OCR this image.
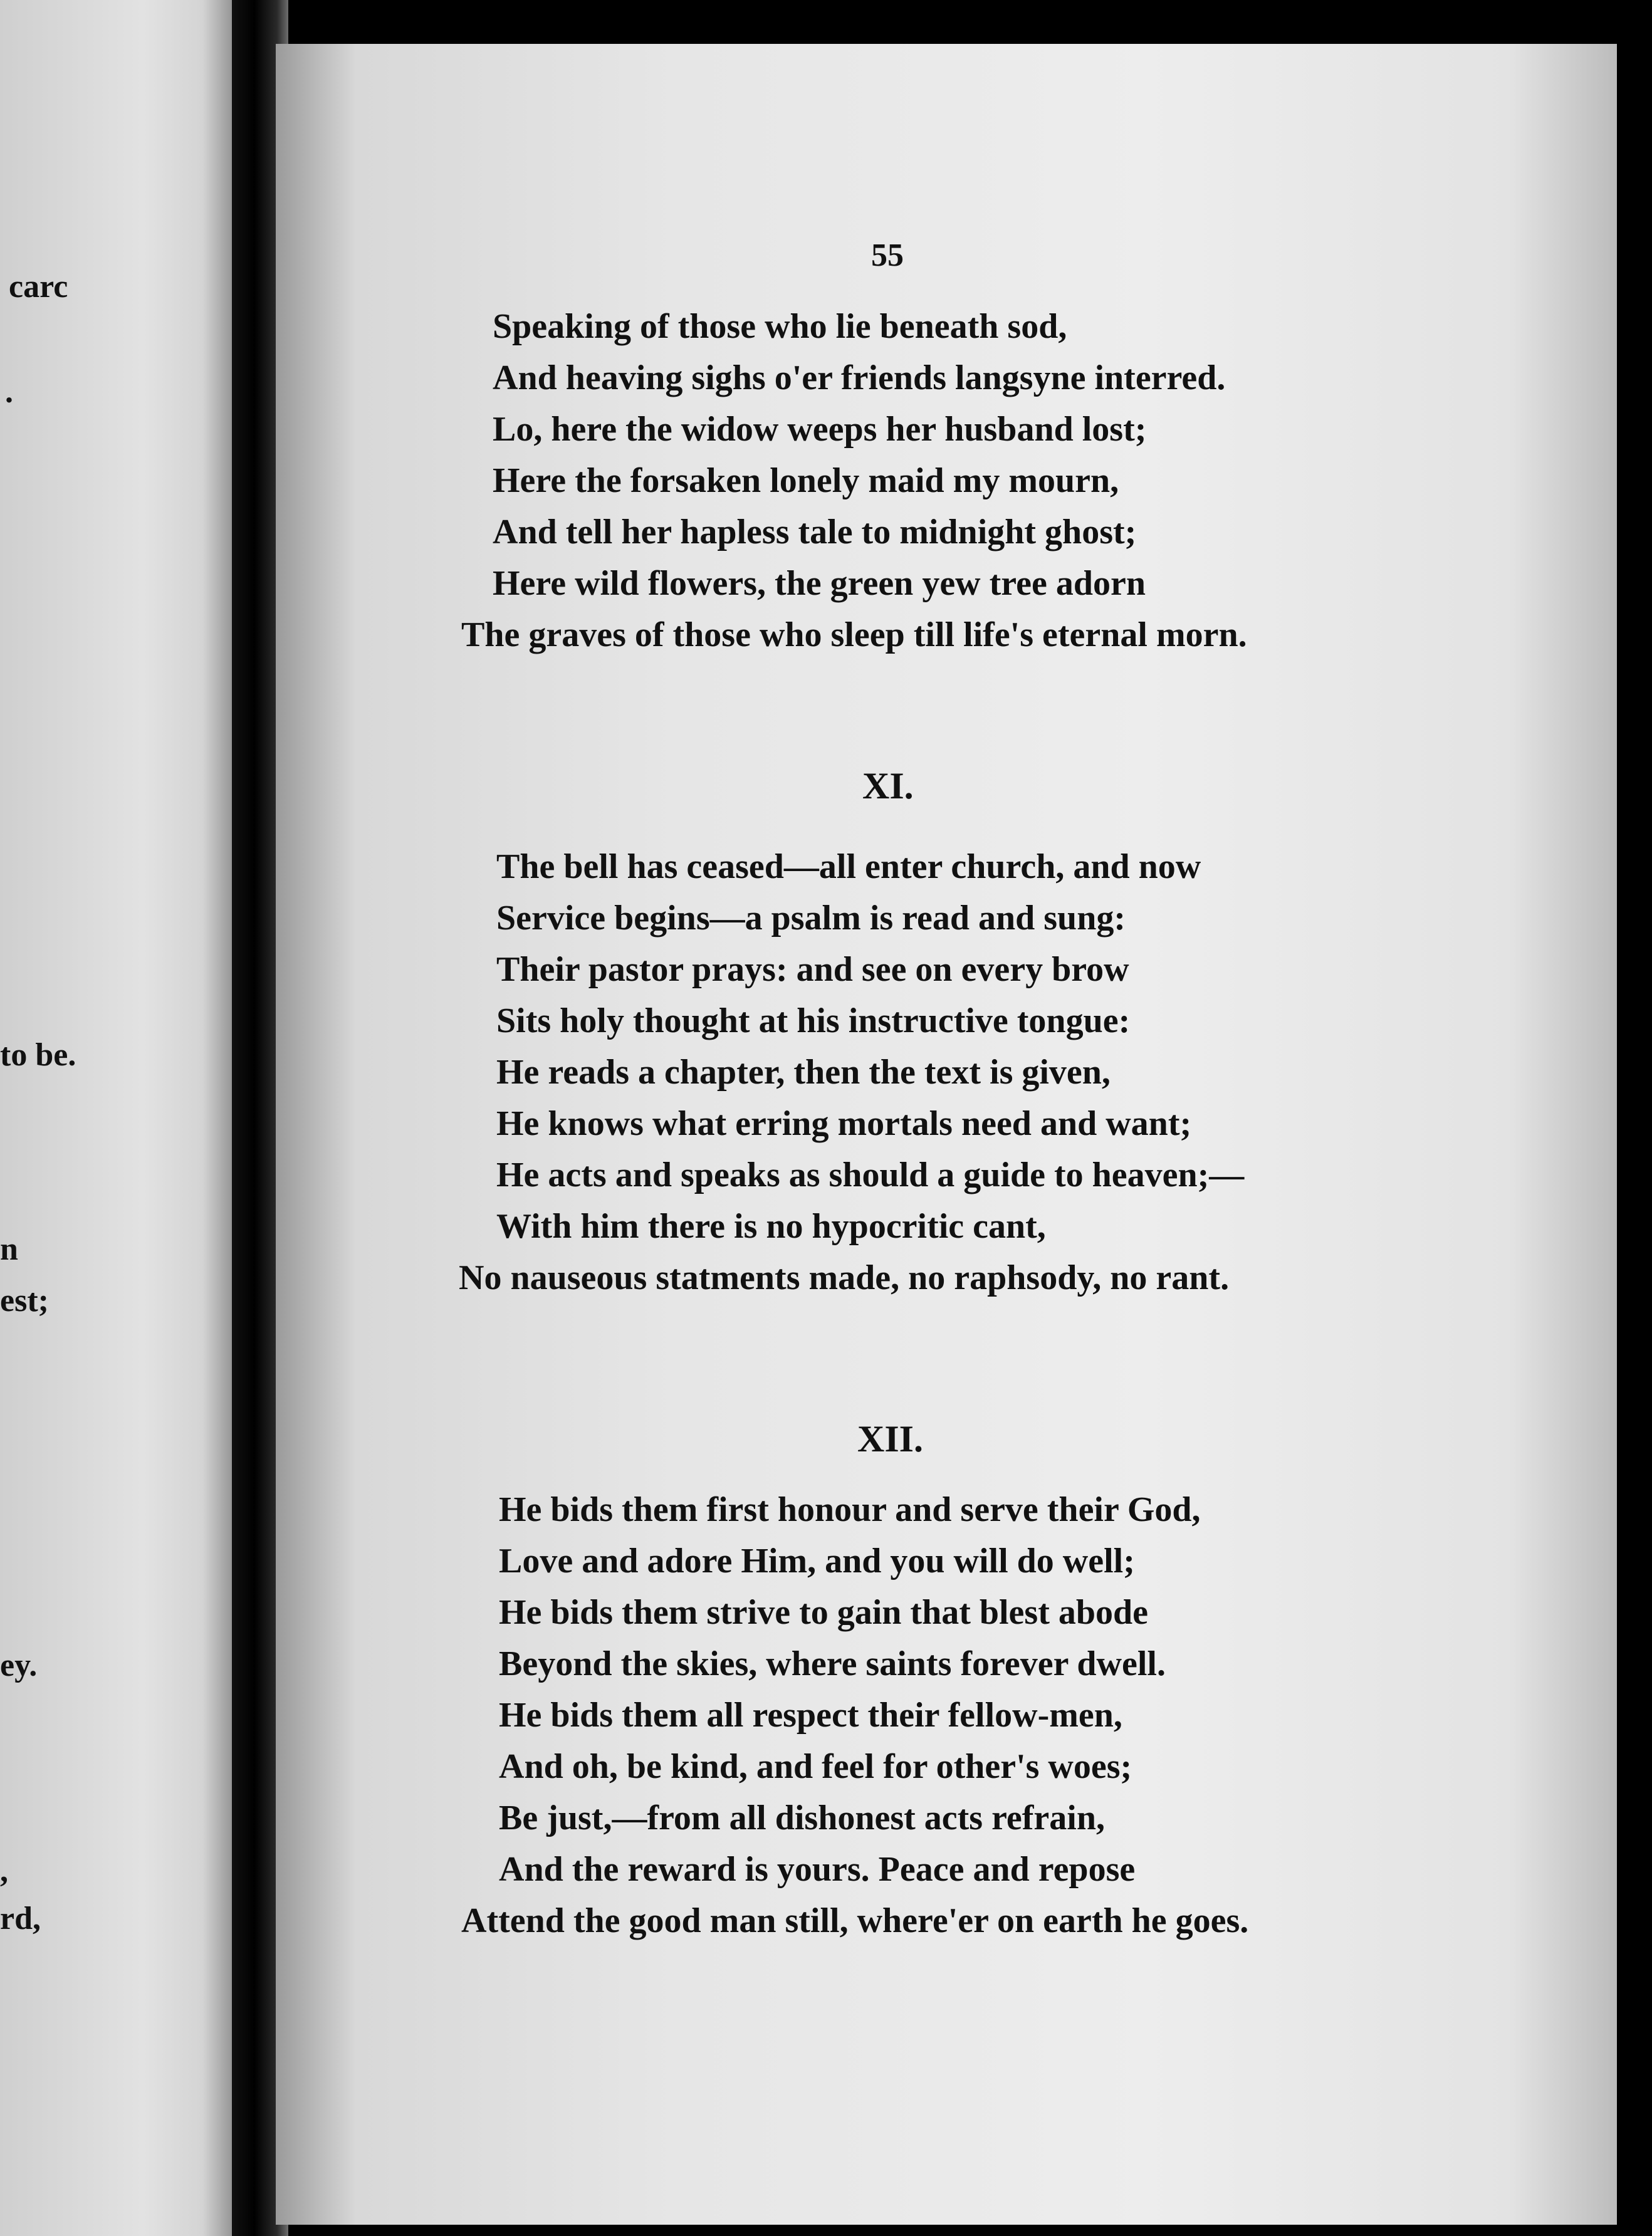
carc
.
to be.
n
est;
ey.
,
rd,
55
Speaking of those who lie beneath sod,
And heaving sighs o'er friends langsyne interred.
Lo, here the widow weeps her husband lost;
Here the forsaken lonely maid my mourn,
And tell her hapless tale to midnight ghost;
Here wild flowers, the green yew tree adorn
The graves of those who sleep till life's eternal morn.
XI.
The bell has ceased—all enter church, and now
Service begins—a psalm is read and sung:
Their pastor prays: and see on every brow
Sits holy thought at his instructive tongue:
He reads a chapter, then the text is given,
He knows what erring mortals need and want;
He acts and speaks as should a guide to heaven;—
With him there is no hypocritic cant,
No nauseous statments made, no raphsody, no rant.
XII.
He bids them first honour and serve their God,
Love and adore Him, and you will do well;
He bids them strive to gain that blest abode
Beyond the skies, where saints forever dwell.
He bids them all respect their fellow-men,
And oh, be kind, and feel for other's woes;
Be just,—from all dishonest acts refrain,
And the reward is yours. Peace and repose
Attend the good man still, where'er on earth he goes.
